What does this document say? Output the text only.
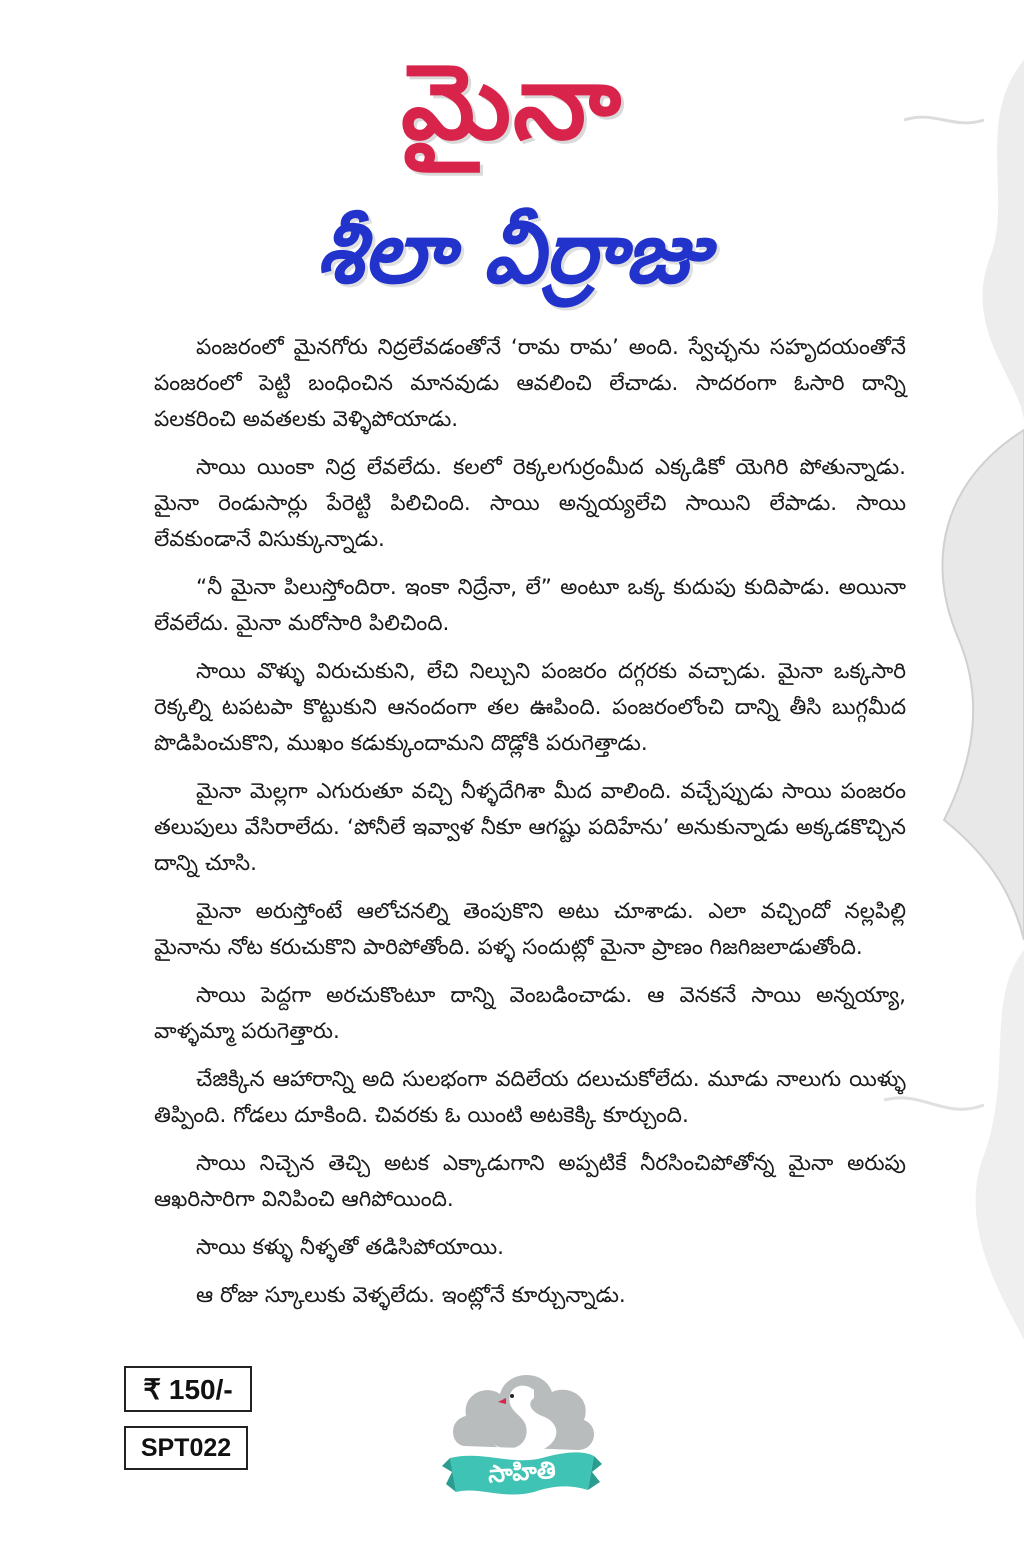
మైనా
శీలా వీర్రాజు

పంజరంలో మైనగోరు నిద్రలేవడంతోనే ‘రామ రామ’ అంది. స్వేచ్ఛను సహృదయంతోనే పంజరంలో పెట్టి బంధించిన మానవుడు ఆవలించి లేచాడు. సాదరంగా ఓసారి దాన్ని పలకరించి అవతలకు వెళ్ళిపోయాడు.

సాయి యింకా నిద్ర లేవలేదు. కలలో రెక్కలగుర్రంమీద ఎక్కడికో యెగిరి పోతున్నాడు. మైనా రెండుసార్లు పేరెట్టి పిలిచింది. సాయి అన్నయ్యలేచి సాయిని లేపాడు. సాయి లేవకుండానే విసుక్కున్నాడు.

“నీ మైనా పిలుస్తోందిరా. ఇంకా నిద్రేనా, లే” అంటూ ఒక్క కుదుపు కుదిపాడు. అయినా లేవలేదు. మైనా మరోసారి పిలిచింది.

సాయి వొళ్ళు విరుచుకుని, లేచి నిల్చుని పంజరం దగ్గరకు వచ్చాడు. మైనా ఒక్కసారి రెక్కల్ని టపటపా కొట్టుకుని ఆనందంగా తల ఊపింది. పంజరంలోంచి దాన్ని తీసి బుగ్గమీద పొడిపించుకొని, ముఖం కడుక్కుందామని దొడ్లోకి పరుగెత్తాడు.

మైనా మెల్లగా ఎగురుతూ వచ్చి నీళ్ళదేగిశా మీద వాలింది. వచ్చేప్పుడు సాయి పంజరం తలుపులు వేసిరాలేదు. ‘పోనీలే ఇవ్వాళ నీకూ ఆగష్టు పదిహేను’ అనుకున్నాడు అక్కడకొచ్చిన దాన్ని చూసి.

మైనా అరుస్తోంటే ఆలోచనల్ని తెంపుకొని అటు చూశాడు. ఎలా వచ్చిందో నల్లపిల్లి మైనాను నోట కరుచుకొని పారిపోతోంది. పళ్ళ సందుట్లో మైనా ప్రాణం గిజగిజలాడుతోంది.

సాయి పెద్దగా అరచుకొంటూ దాన్ని వెంబడించాడు. ఆ వెనకనే సాయి అన్నయ్యా, వాళ్ళమ్మా పరుగెత్తారు.

చేజిక్కిన ఆహారాన్ని అది సులభంగా వదిలేయ దలుచుకోలేదు. మూడు నాలుగు యిళ్ళు తిప్పింది. గోడలు దూకింది. చివరకు ఓ యింటి అటకెక్కి కూర్చుంది.

సాయి నిచ్చెన తెచ్చి అటక ఎక్కాడుగాని అప్పటికే నీరసించిపోతోన్న మైనా అరుపు ఆఖరిసారిగా వినిపించి ఆగిపోయింది.

సాయి కళ్ళు నీళ్ళతో తడిసిపోయాయి.

ఆ రోజు స్కూలుకు వెళ్ళలేదు. ఇంట్లోనే కూర్చున్నాడు.

₹ 150/-
SPT022
సాహితి
